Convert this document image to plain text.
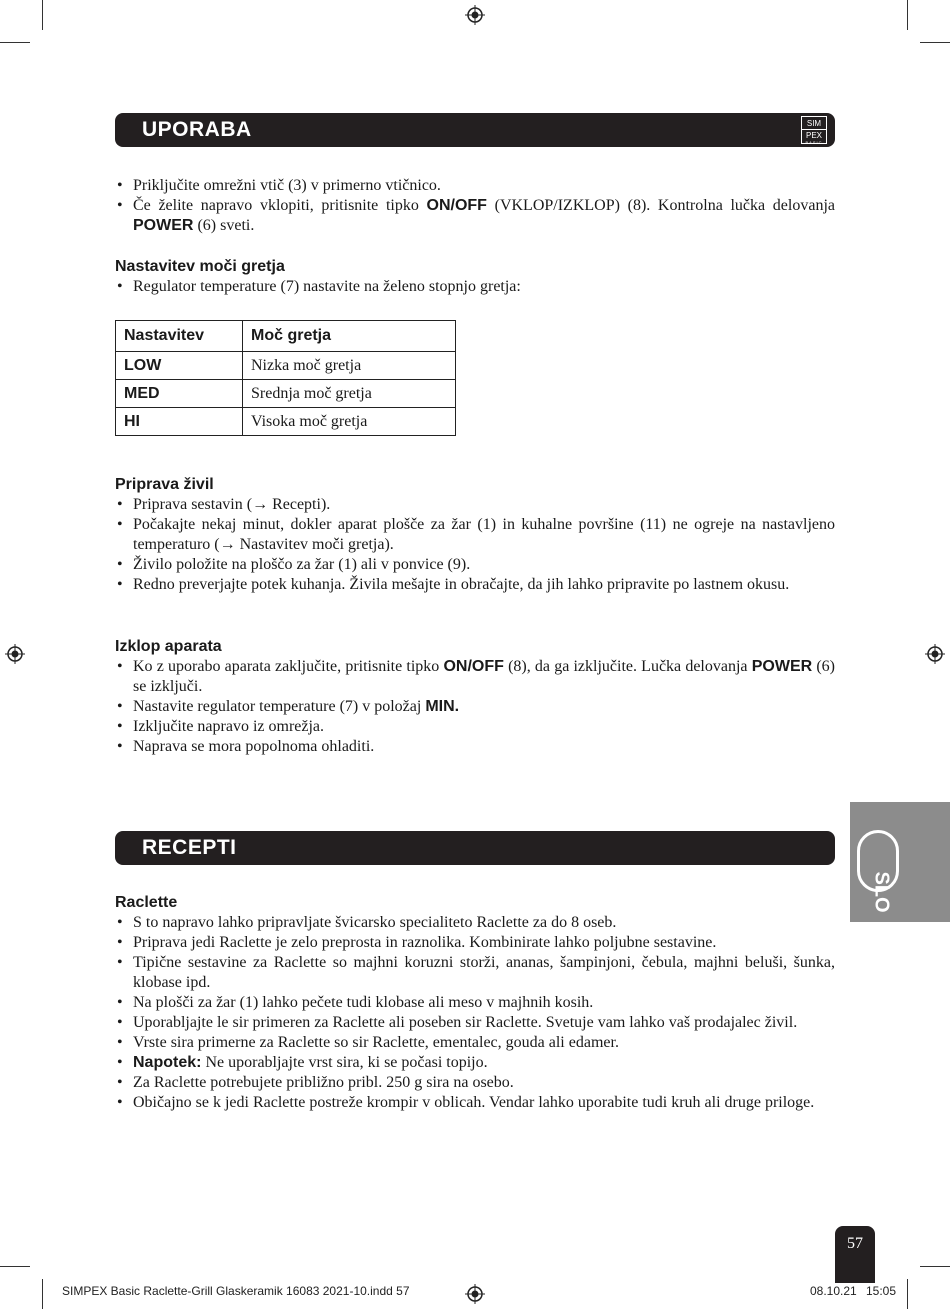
UPORABA	SIM
PEX
BASIC
• Priključite omrežni vtič (3) v primerno vtičnico.
• Če želite napravo vklopiti, pritisnite tipko ON/OFF (VKLOP/IZKLOP) (8). Kontrolna lučka delovanja POWER (6) sveti.
Nastavitev moči gretja
• Regulator temperature (7) nastavite na želeno stopnjo gretja:
Nastavitev	Moč gretja
LOW	Nizka moč gretja
MED	Srednja moč gretja
HI	Visoka moč gretja
Priprava živil
• Priprava sestavin (→ Recepti).
• Počakajte nekaj minut, dokler aparat plošče za žar (1) in kuhalne površine (11) ne ogreje na nastavljeno temperaturo (→ Nastavitev moči gretja).
• Živilo položite na ploščo za žar (1) ali v ponvice (9).
• Redno preverjajte potek kuhanja. Živila mešajte in obračajte, da jih lahko pripravite po lastnem okusu.
Izklop aparata
• Ko z uporabo aparata zaključite, pritisnite tipko ON/OFF (8), da ga izključite. Lučka delovanja POWER (6) se izključi.
• Nastavite regulator temperature (7) v položaj MIN.
• Izključite napravo iz omrežja.
• Naprava se mora popolnoma ohladiti.
RECEPTI
Raclette
• S to napravo lahko pripravljate švicarsko specialiteto Raclette za do 8 oseb.
• Priprava jedi Raclette je zelo preprosta in raznolika. Kombinirate lahko poljubne sestavine.
• Tipične sestavine za Raclette so majhni koruzni storži, ananas, šampinjoni, čebula, majhni beluši, šunka, klobase ipd.
• Na plošči za žar (1) lahko pečete tudi klobase ali meso v majhnih kosih.
• Uporabljajte le sir primeren za Raclette ali poseben sir Raclette. Svetuje vam lahko vaš prodajalec živil.
• Vrste sira primerne za Raclette so sir Raclette, ementalec, gouda ali edamer.
• Napotek: Ne uporabljajte vrst sira, ki se počasi topijo.
• Za Raclette potrebujete približno pribl. 250 g sira na osebo.
• Običajno se k jedi Raclette postreže krompir v oblicah. Vendar lahko uporabite tudi kruh ali druge priloge.
SLO
57
SIMPEX Basic Raclette-Grill Glaskeramik 16083 2021-10.indd 57	08.10.21 15:05
